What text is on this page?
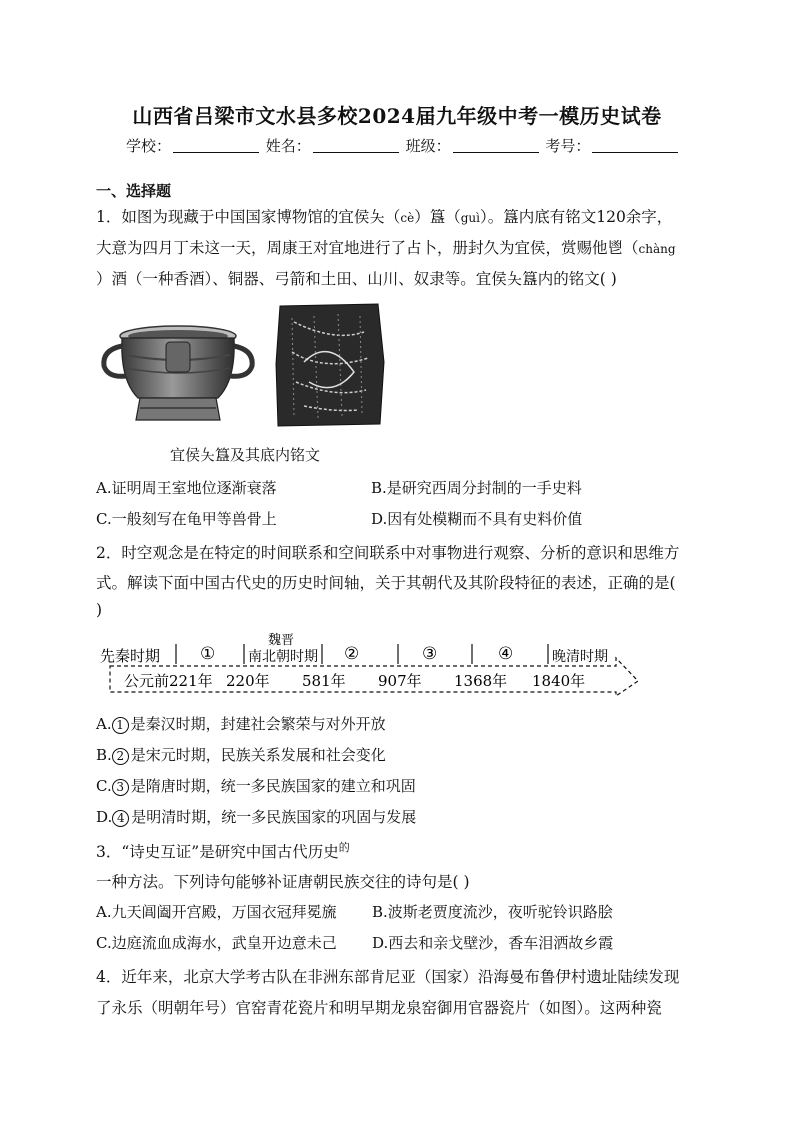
山西省吕梁市文水县多校2024届九年级中考一模历史试卷
学校：	姓名：	班级：	考号：
一、选择题
1．如图为现藏于中国国家博物馆的宜侯夨（cè）簋（guì）。簋内底有铭文120余字，
大意为四月丁未这一天，周康王对宜地进行了占卜，册封久为宜侯，赏赐他鬯（chàng
）酒（一种香酒）、铜器、弓箭和土田、山川、奴隶等。宜侯夨簋内的铭文( )
宜侯夨簋及其底内铭文
A.证明周王室地位逐渐衰落	B.是研究西周分封制的一手史料
C.一般刻写在龟甲等兽骨上	D.因有处模糊而不具有史料价值
2．时空观念是在特定的时间联系和空间联系中对事物进行观察、分析的意识和思维方
式。解读下面中国古代史的历史时间轴，关于其朝代及其阶段特征的表述，正确的是(
)
先秦时期 ①
魏晋
南北朝时期 ②	③	④	晚清时期
公元前221年 220年 581年 907年 1368年 1840年
A. 1 是秦汉时期，封建社会繁荣与对外开放
B. 2 是宋元时期，民族关系发展和社会变化
C. 3 是隋唐时期，统一多民族国家的建立和巩固
D. 4 是明清时期，统一多民族国家的巩固与发展
3．“诗史互证”是研究中国古代历史$^的$
一种方法。下列诗句能够补证唐朝民族交往的诗句是( )
A.九天阊阖开宫殿，万国衣冠拜冕旒 B.波斯老贾度流沙，夜听驼铃识路脍
C.边庭流血成海水，武皇开边意未己 D.西去和亲戈壁沙，香车泪洒故乡霞
4．近年来，北京大学考古队在非洲东部肯尼亚（国家）沿海曼布鲁伊村遗址陆续发现
了永乐（明朝年号）官窑青花瓷片和明早期龙泉窑御用官器瓷片（如图）。这两种瓷
